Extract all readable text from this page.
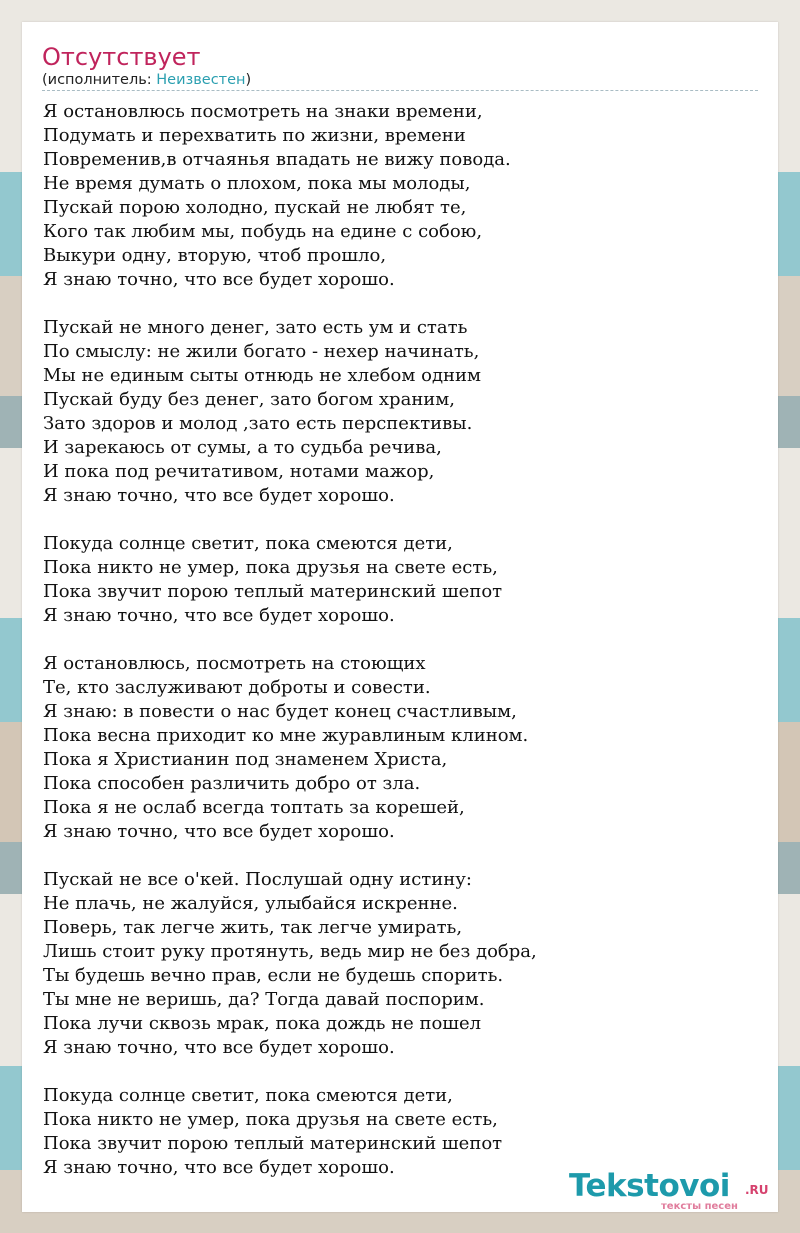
Отсутствует
(исполнитель: Неизвестен)
Я остановлюсь посмотреть на знаки времени,
Подумать и перехватить по жизни, времени
Повременив,в отчаянья впадать не вижу повода.
Не время думать о плохом, пока мы молоды,
Пускай порою холодно, пускай не любят те,
Кого так любим мы, побудь на едине с собою,
Выкури одну, вторую, чтоб прошло,
Я знаю точно, что все будет хорошо.
Пускай не много денег, зато есть ум и стать
По смыслу: не жили богато - нехер начинать,
Мы не единым сыты отнюдь не хлебом одним
Пускай буду без денег, зато богом храним,
Зато здоров и молод ,зато есть перспективы.
И зарекаюсь от сумы, а то судьба речива,
И пока под речитативом, нотами мажор,
Я знаю точно, что все будет хорошо.
Покуда солнце светит, пока смеются дети,
Пока никто не умер, пока друзья на свете есть,
Пока звучит порою теплый материнский шепот
Я знаю точно, что все будет хорошо.
Я остановлюсь, посмотреть на стоющих
Те, кто заслуживают доброты и совести.
Я знаю: в повести о нас будет конец счастливым,
Пока весна приходит ко мне журавлиным клином.
Пока я Христианин под знаменем Христа,
Пока способен различить добро от зла.
Пока я не ослаб всегда топтать за корешей,
Я знаю точно, что все будет хорошо.
Пускай не все о'кей. Послушай одну истину:
Не плачь, не жалуйся, улыбайся искренне.
Поверь, так легче жить, так легче умирать,
Лишь стоит руку протянуть, ведь мир не без добра,
Ты будешь вечно прав, если не будешь спорить.
Ты мне не веришь, да? Тогда давай поспорим.
Пока лучи сквозь мрак, пока дождь не пошел
Я знаю точно, что все будет хорошо.
Покуда солнце светит, пока смеются дети,
Пока никто не умер, пока друзья на свете есть,
Пока звучит порою теплый материнский шепот
Я знаю точно, что все будет хорошо.
Tekstovoi .RU
тексты песен
